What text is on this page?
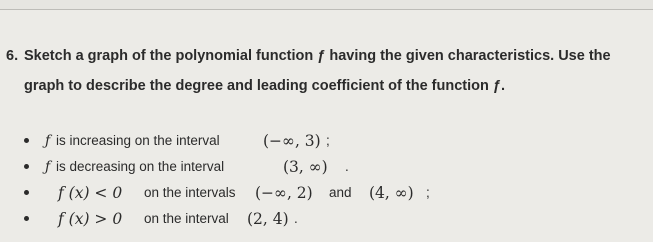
6. Sketch a graph of the polynomial function ƒ having the given characteristics. Use the
graph to describe the degree and leading coefficient of the function ƒ.
ƒ is increasing on the interval	(−∞, 3) ;
ƒ is decreasing on the interval	(3, ∞) .
f (x) < 0 on the intervals (−∞, 2) and (4, ∞) ;
f (x) > 0 on the interval (2, 4) .
